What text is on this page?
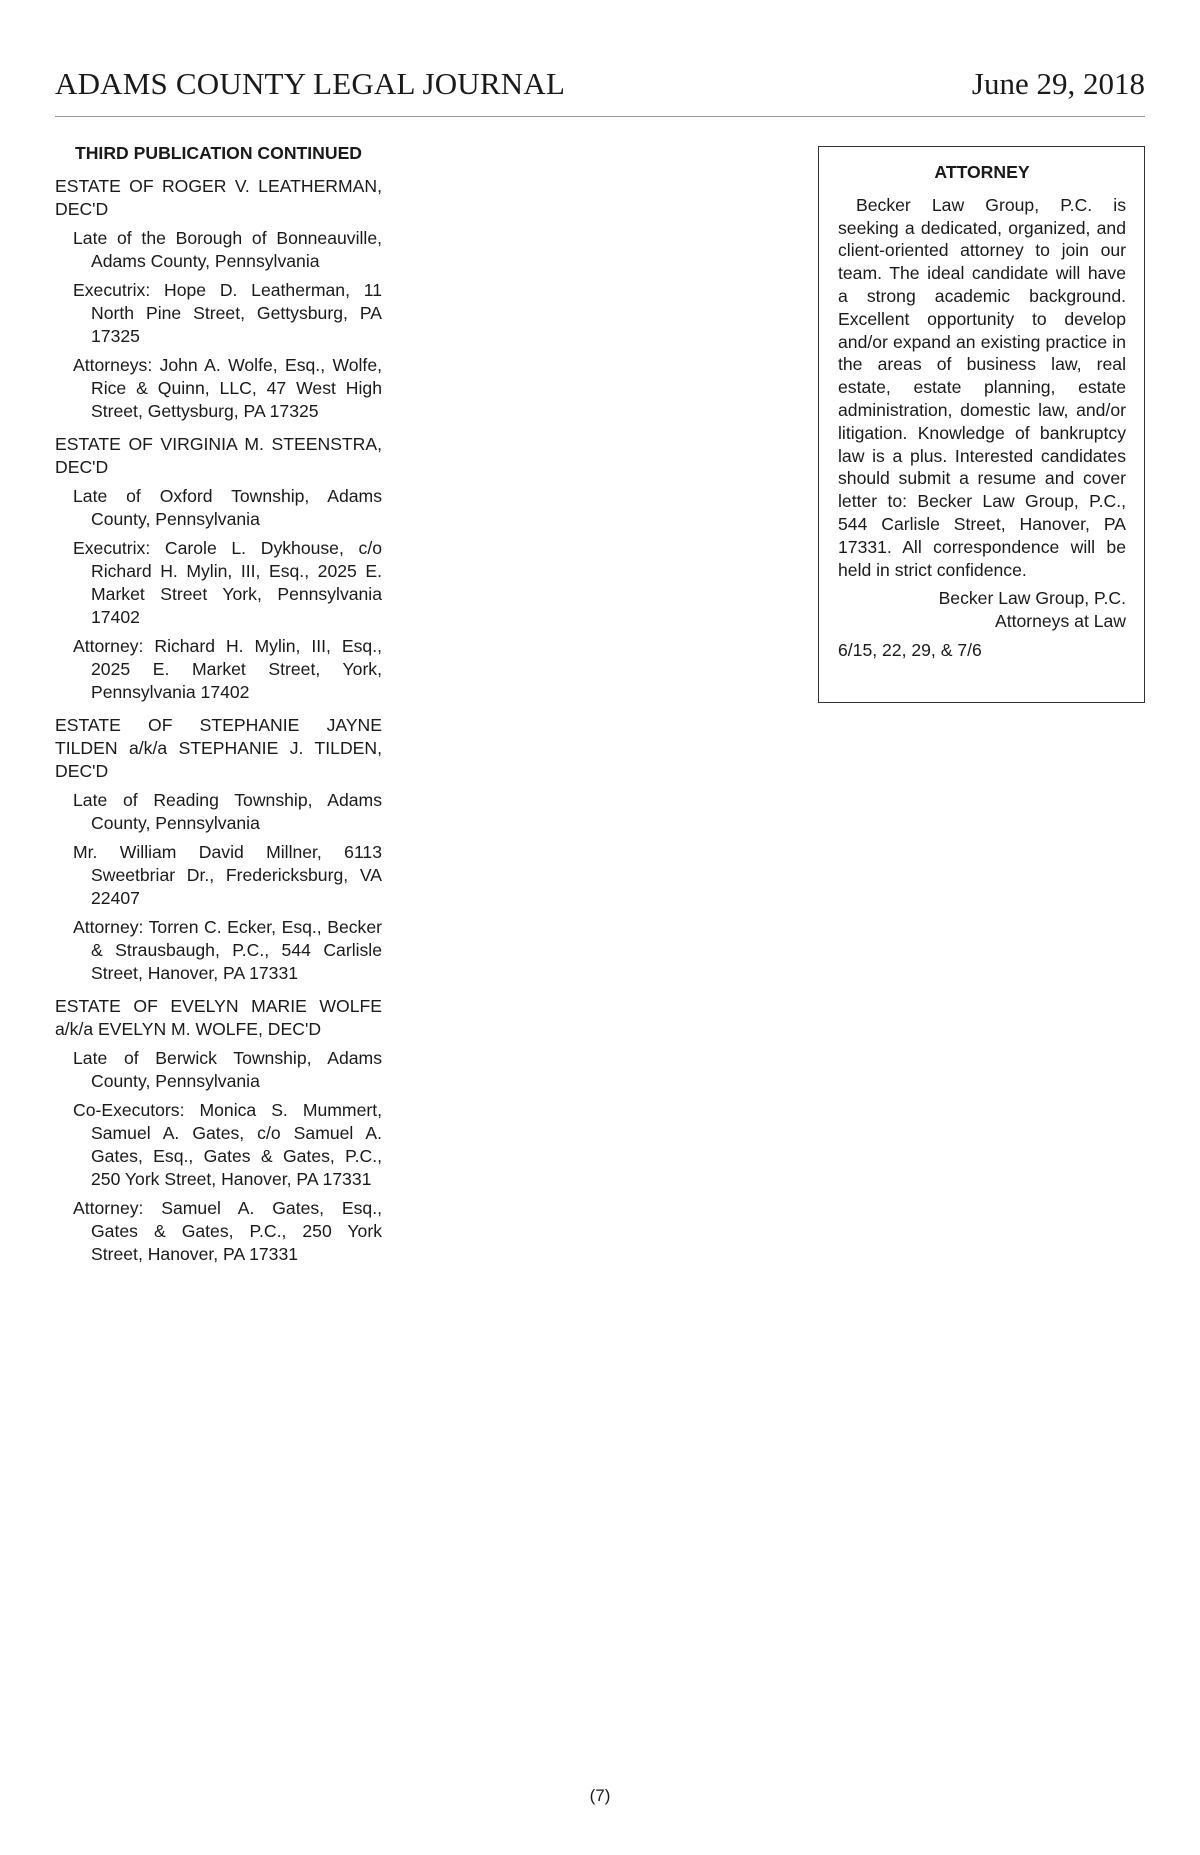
ADAMS COUNTY LEGAL JOURNAL	June 29, 2018
THIRD PUBLICATION CONTINUED
ESTATE OF ROGER V. LEATHERMAN, DEC'D
Late of the Borough of Bonneauville, Adams County, Pennsylvania
Executrix: Hope D. Leatherman, 11 North Pine Street, Gettysburg, PA 17325
Attorneys: John A. Wolfe, Esq., Wolfe, Rice & Quinn, LLC, 47 West High Street, Gettysburg, PA 17325
ESTATE OF VIRGINIA M. STEENSTRA, DEC'D
Late of Oxford Township, Adams County, Pennsylvania
Executrix: Carole L. Dykhouse, c/o Richard H. Mylin, III, Esq., 2025 E. Market Street York, Pennsylvania 17402
Attorney: Richard H. Mylin, III, Esq., 2025 E. Market Street, York, Pennsylvania 17402
ESTATE OF STEPHANIE JAYNE TILDEN a/k/a STEPHANIE J. TILDEN, DEC'D
Late of Reading Township, Adams County, Pennsylvania
Mr. William David Millner, 6113 Sweetbriar Dr., Fredericksburg, VA 22407
Attorney: Torren C. Ecker, Esq., Becker & Strausbaugh, P.C., 544 Carlisle Street, Hanover, PA 17331
ESTATE OF EVELYN MARIE WOLFE a/k/a EVELYN M. WOLFE, DEC'D
Late of Berwick Township, Adams County, Pennsylvania
Co-Executors: Monica S. Mummert, Samuel A. Gates, c/o Samuel A. Gates, Esq., Gates & Gates, P.C., 250 York Street, Hanover, PA 17331
Attorney: Samuel A. Gates, Esq., Gates & Gates, P.C., 250 York Street, Hanover, PA 17331
ATTORNEY
Becker Law Group, P.C. is seeking a dedicated, organized, and client-oriented attorney to join our team. The ideal candidate will have a strong academic background. Excellent opportunity to develop and/or expand an existing practice in the areas of business law, real estate, estate planning, estate administration, domestic law, and/or litigation. Knowledge of bankruptcy law is a plus. Interested candidates should submit a resume and cover letter to: Becker Law Group, P.C., 544 Carlisle Street, Hanover, PA 17331. All correspondence will be held in strict confidence.
Becker Law Group, P.C.
Attorneys at Law
6/15, 22, 29, & 7/6
(7)
